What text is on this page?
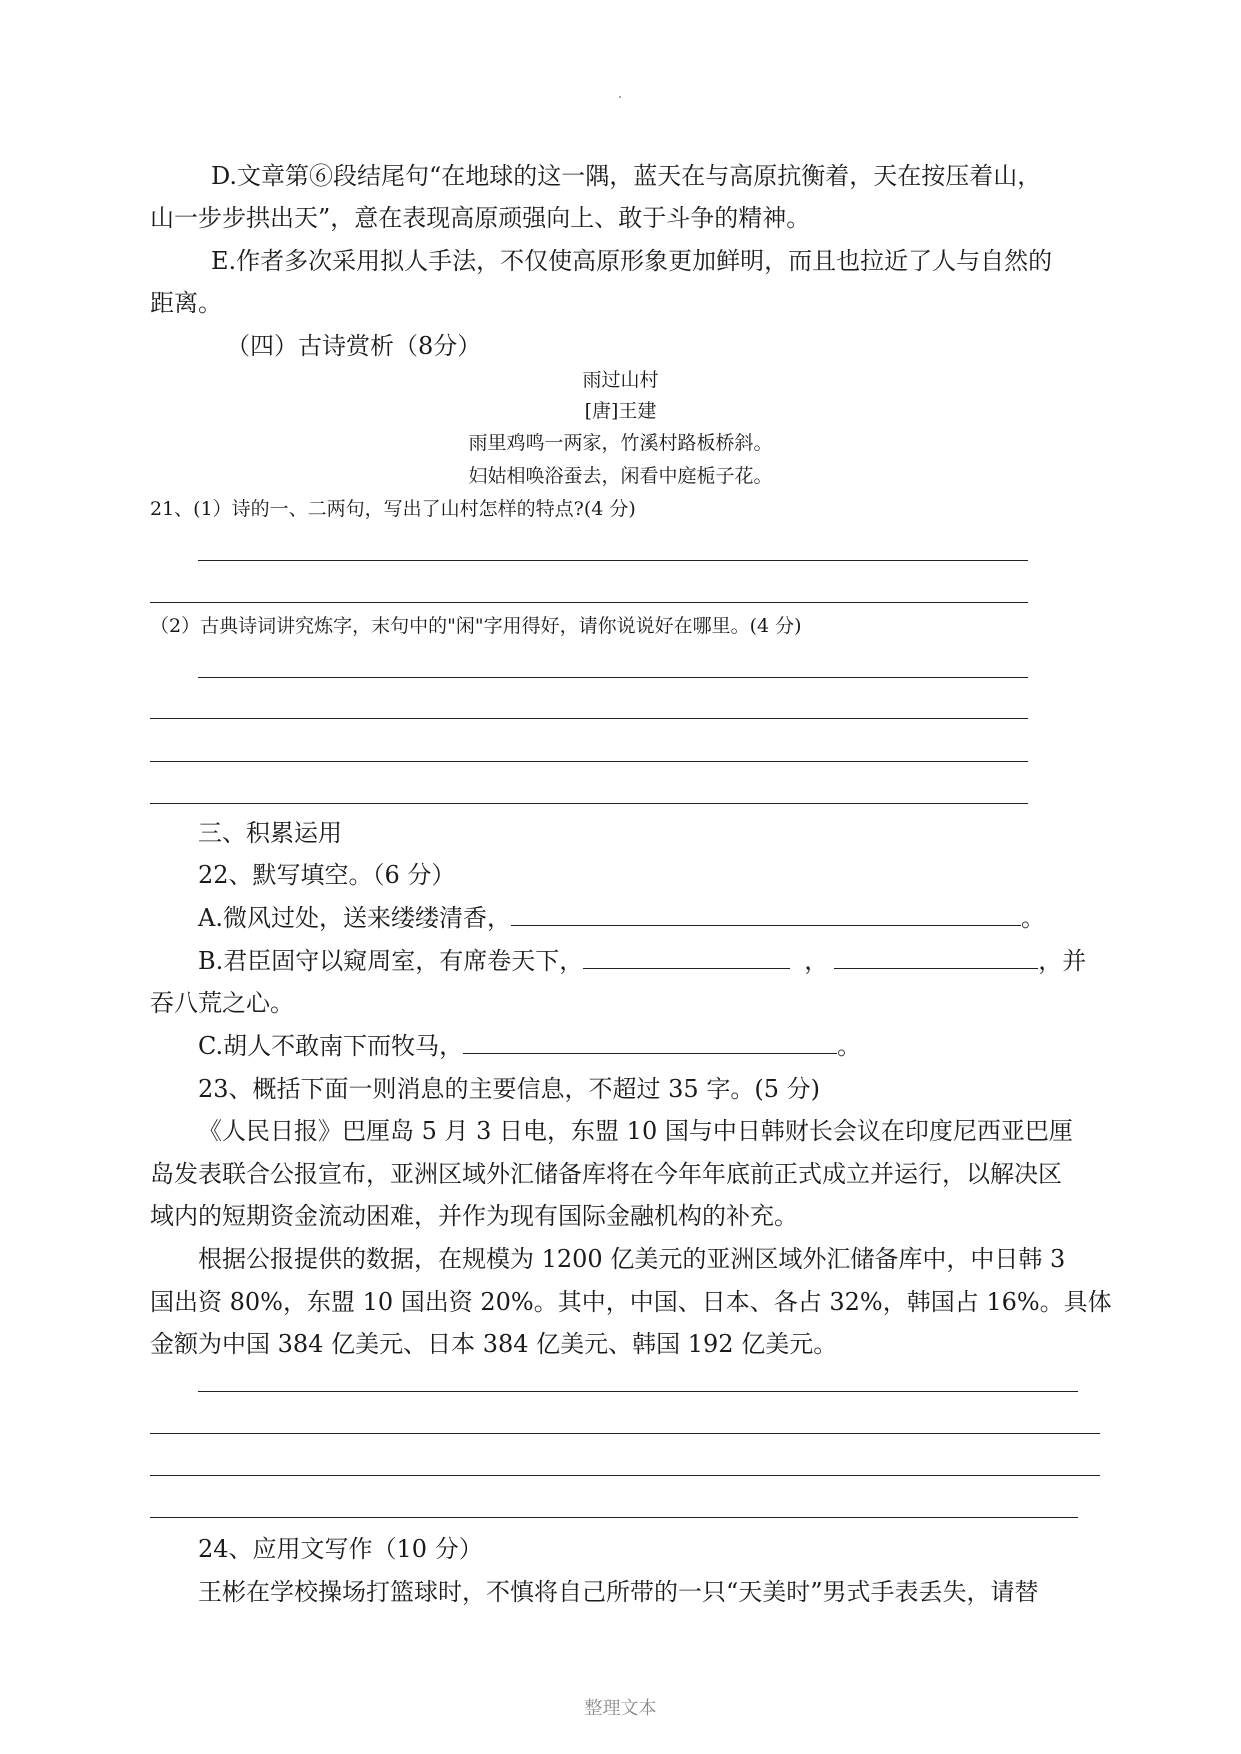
D.文章第⑥段结尾句“在地球的这一隅，蓝天在与高原抗衡着，天在按压着山，
山一步步拱出天”，意在表现高原顽强向上、敢于斗争的精神。
E.作者多次采用拟人手法，不仅使高原形象更加鲜明，而且也拉近了人与自然的
距离。
（四）古诗赏析（8分）
雨过山村
[唐]王建
雨里鸡鸣一两家，竹溪村路板桥斜。
妇姑相唤浴蚕去，闲看中庭栀子花。
21、(1）诗的一、二两句，写出了山村怎样的特点?(4 分)
（2）古典诗词讲究炼字，末句中的"闲"字用得好，请你说说好在哪里。(4 分)
三、积累运用
22、默写填空。（6 分）
A.微风过处，送来缕缕清香，	。
B.君臣固守以窥周室，有席卷天下，	，	，并
吞八荒之心。
C.胡人不敢南下而牧马，	。
23、概括下面一则消息的主要信息，不超过 35 字。(5 分)
《人民日报》巴厘岛 5 月 3 日电，东盟 10 国与中日韩财长会议在印度尼西亚巴厘
岛发表联合公报宣布，亚洲区域外汇储备库将在今年年底前正式成立并运行，以解决区
域内的短期资金流动困难，并作为现有国际金融机构的补充。
根据公报提供的数据，在规模为 1200 亿美元的亚洲区域外汇储备库中，中日韩 3
国出资 80%，东盟 10 国出资 20%。其中，中国、日本、各占 32%，韩国占 16%。具体
金额为中国 384 亿美元、日本 384 亿美元、韩国 192 亿美元。
24、应用文写作（10 分）
王彬在学校操场打篮球时，不慎将自己所带的一只“天美时”男式手表丢失，请替
整理文本
